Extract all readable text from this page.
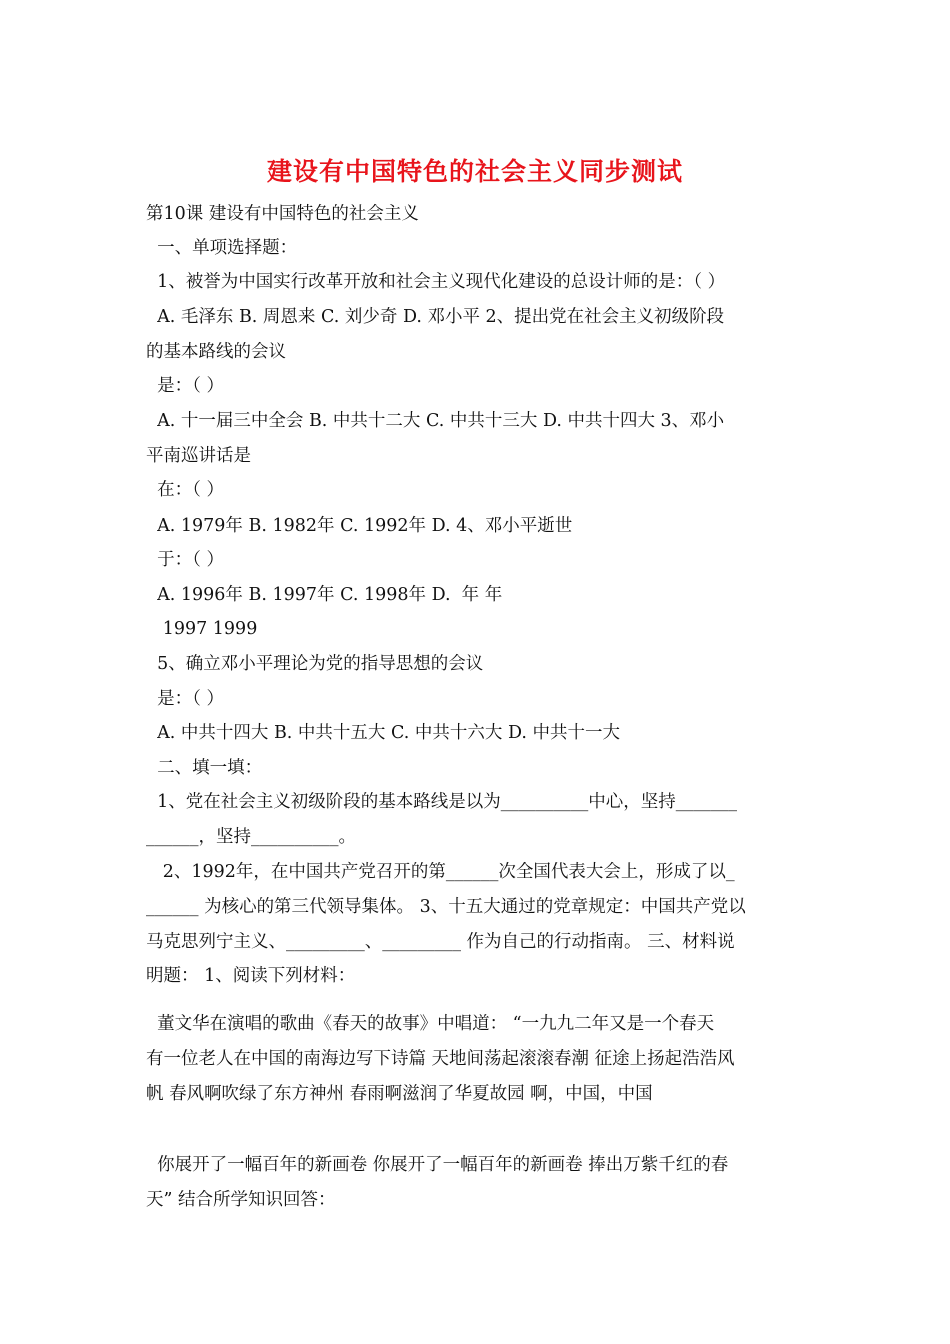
建设有中国特色的社会主义同步测试
第10课 建设有中国特色的社会主义
一、单项选择题：
1、被誉为中国实行改革开放和社会主义现代化建设的总设计师的是：（ ）
A. 毛泽东 B. 周恩来 C. 刘少奇 D. 邓小平 2、提出党在社会主义初级阶段
的基本路线的会议
是：（ ）
A. 十一届三中全会 B. 中共十二大 C. 中共十三大 D. 中共十四大 3、邓小
平南巡讲话是
在：（ ）
A. 1979年 B. 1982年 C. 1992年 D. 4、邓小平逝世
于：（ ）
A. 1996年 B. 1997年 C. 1998年 D.  年 年
1997 1999
5、确立邓小平理论为党的指导思想的会议
是：（ ）
A. 中共十四大 B. 中共十五大 C. 中共十六大 D. 中共十一大
二、填一填：
1、党在社会主义初级阶段的基本路线是以为__________中心，坚持_______
______，坚持__________。
2、1992年，在中国共产党召开的第______次全国代表大会上，形成了以_
______ 为核心的第三代领导集体。 3、十五大通过的党章规定：中国共产党以
马克思列宁主义、_________、_________ 作为自己的行动指南。 三、材料说
明题： 1、阅读下列材料：
董文华在演唱的歌曲《春天的故事》中唱道： “一九九二年又是一个春天
有一位老人在中国的南海边写下诗篇 天地间荡起滚滚春潮 征途上扬起浩浩风
帆 春风啊吹绿了东方神州 春雨啊滋润了华夏故园 啊，中国，中国
你展开了一幅百年的新画卷 你展开了一幅百年的新画卷 捧出万紫千红的春
天” 结合所学知识回答：
